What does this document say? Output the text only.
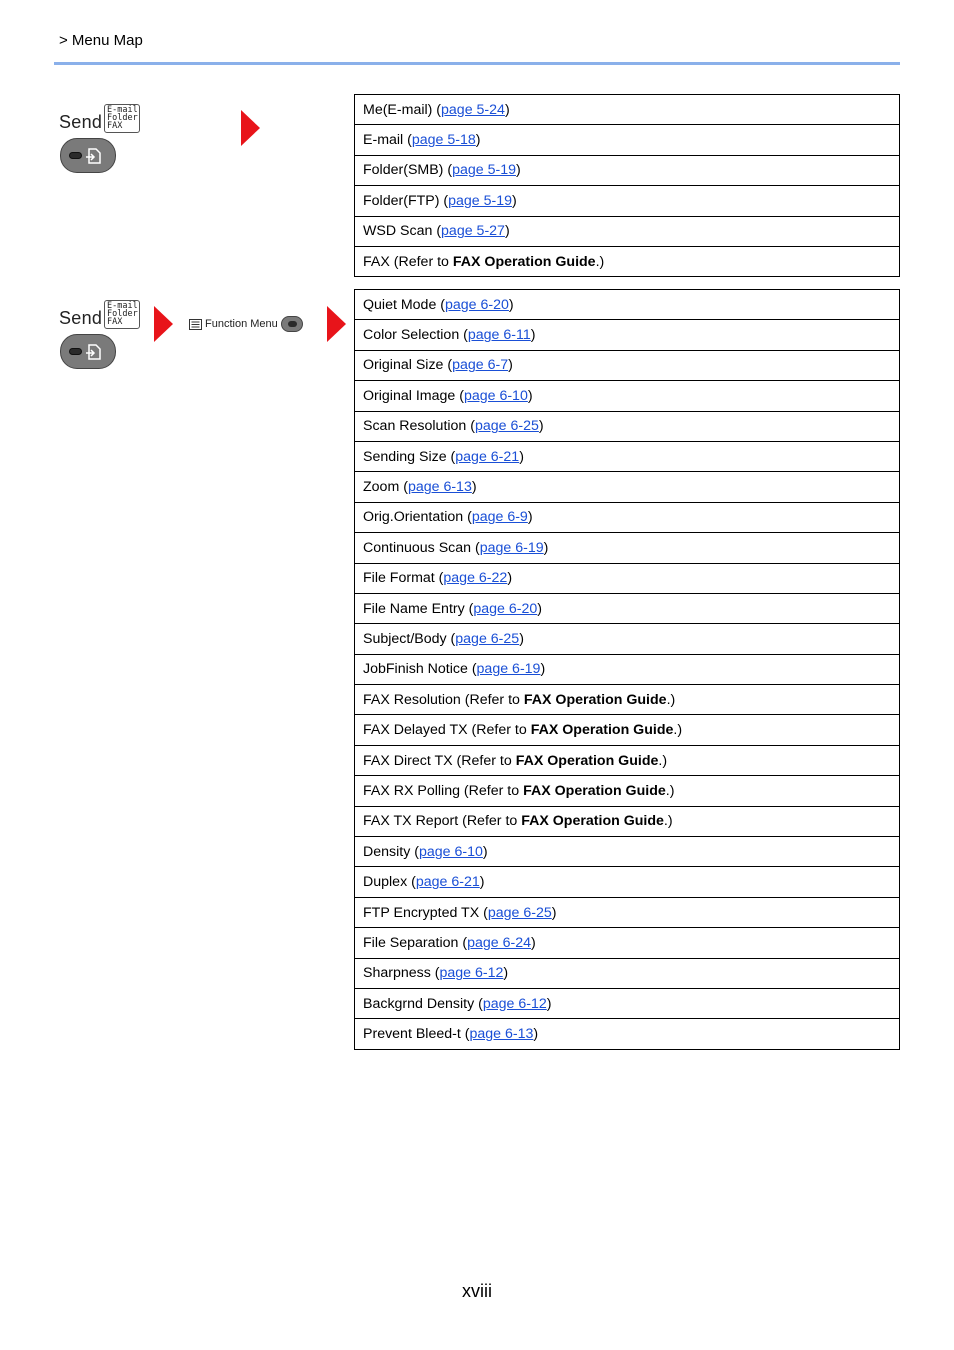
> Menu Map
Send
E-mail
Folder
FAX
Me(E-mail) (page 5-24)
E-mail (page 5-18)
Folder(SMB) (page 5-19)
Folder(FTP) (page 5-19)
WSD Scan (page 5-27)
FAX (Refer to FAX Operation Guide.)
Send
E-mail
Folder
FAX	Function Menu
Quiet Mode (page 6-20)
Color Selection (page 6-11)
Original Size (page 6-7)
Original Image (page 6-10)
Scan Resolution (page 6-25)
Sending Size (page 6-21)
Zoom (page 6-13)
Orig.Orientation (page 6-9)
Continuous Scan (page 6-19)
File Format (page 6-22)
File Name Entry (page 6-20)
Subject/Body (page 6-25)
JobFinish Notice (page 6-19)
FAX Resolution (Refer to FAX Operation Guide.)
FAX Delayed TX (Refer to FAX Operation Guide.)
FAX Direct TX (Refer to FAX Operation Guide.)
FAX RX Polling (Refer to FAX Operation Guide.)
FAX TX Report (Refer to FAX Operation Guide.)
Density (page 6-10)
Duplex (page 6-21)
FTP Encrypted TX (page 6-25)
File Separation (page 6-24)
Sharpness (page 6-12)
Backgrnd Density (page 6-12)
Prevent Bleed-t (page 6-13)
xviii
